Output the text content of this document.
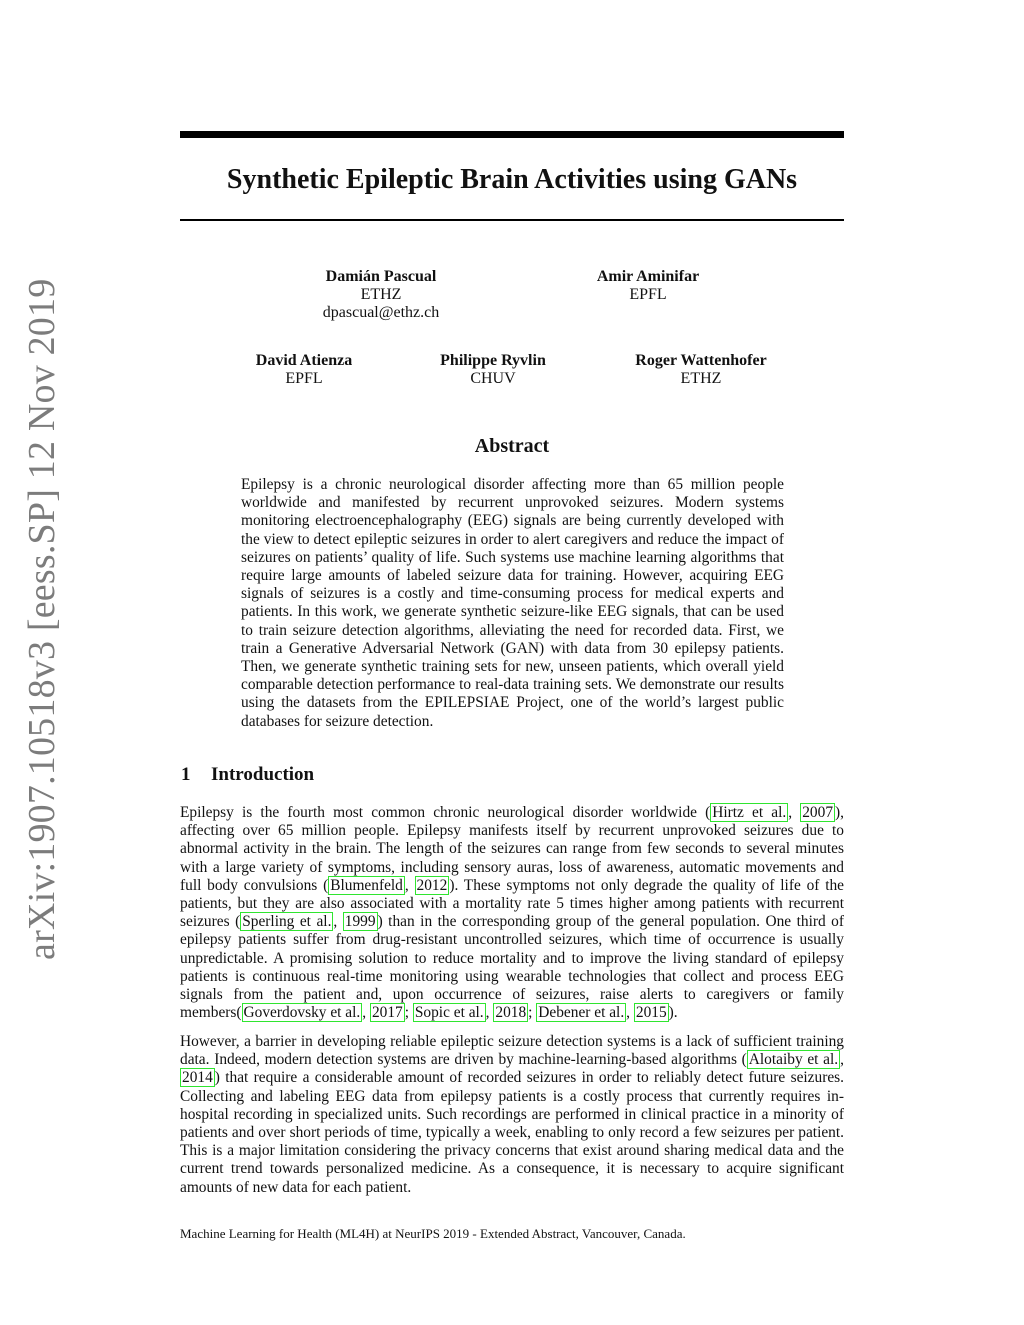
arXiv:1907.10518v3 [eess.SP] 12 Nov 2019
Synthetic Epileptic Brain Activities using GANs
Damián Pascual
ETHZ
dpascual@ethz.ch
Amir Aminifar
EPFL
David Atienza
EPFL
Philippe Ryvlin
CHUV
Roger Wattenhofer
ETHZ
Abstract

Epilepsy is a chronic neurological disorder affecting more than 65 million people worldwide and manifested by recurrent unprovoked seizures. Modern systems monitoring electroencephalography (EEG) signals are being currently developed with the view to detect epileptic seizures in order to alert caregivers and reduce the impact of seizures on patients’ quality of life. Such systems use machine learning algorithms that require large amounts of labeled seizure data for training. However, acquiring EEG signals of seizures is a costly and time-consuming process for medical experts and patients. In this work, we generate synthetic seizure-like EEG signals, that can be used to train seizure detection algorithms, alleviating the need for recorded data. First, we train a Generative Adversarial Network (GAN) with data from 30 epilepsy patients. Then, we generate synthetic training sets for new, unseen patients, which overall yield comparable detection performance to real-data training sets. We demonstrate our results using the datasets from the EPILEPSIAE Project, one of the world’s largest public databases for seizure detection.

1 Introduction

Epilepsy is the fourth most common chronic neurological disorder worldwide ( Hirtz et al. , 2007 ), affecting over 65 million people. Epilepsy manifests itself by recurrent unprovoked seizures due to abnormal activity in the brain. The length of the seizures can range from few seconds to several minutes with a large variety of symptoms, including sensory auras, loss of awareness, automatic movements and full body convulsions ( Blumenfeld , 2012 ). These symptoms not only degrade the quality of life of the patients, but they are also associated with a mortality rate 5 times higher among patients with recurrent seizures ( Sperling et al. , 1999 ) than in the corresponding group of the general population. One third of epilepsy patients suffer from drug-resistant uncontrolled seizures, which time of occurrence is usually unpredictable. A promising solution to reduce mortality and to improve the living standard of epilepsy patients is continuous real-time monitoring using wearable technologies that collect and process EEG signals from the patient and, upon occurrence of seizures, raise alerts to caregivers or family members( Goverdovsky et al. , 2017 ; Sopic et al. , 2018 ; Debener et al. , 2015 ).

However, a barrier in developing reliable epileptic seizure detection systems is a lack of sufficient training data. Indeed, modern detection systems are driven by machine-learning-based algorithms ( Alotaiby et al. , 2014 ) that require a considerable amount of recorded seizures in order to reliably detect future seizures. Collecting and labeling EEG data from epilepsy patients is a costly process that currently requires in-hospital recording in specialized units. Such recordings are performed in clinical practice in a minority of patients and over short periods of time, typically a week, enabling to only record a few seizures per patient. This is a major limitation considering the privacy concerns that exist around sharing medical data and the current trend towards personalized medicine. As a consequence, it is necessary to acquire significant amounts of new data for each patient.

Machine Learning for Health (ML4H) at NeurIPS 2019 - Extended Abstract, Vancouver, Canada.
